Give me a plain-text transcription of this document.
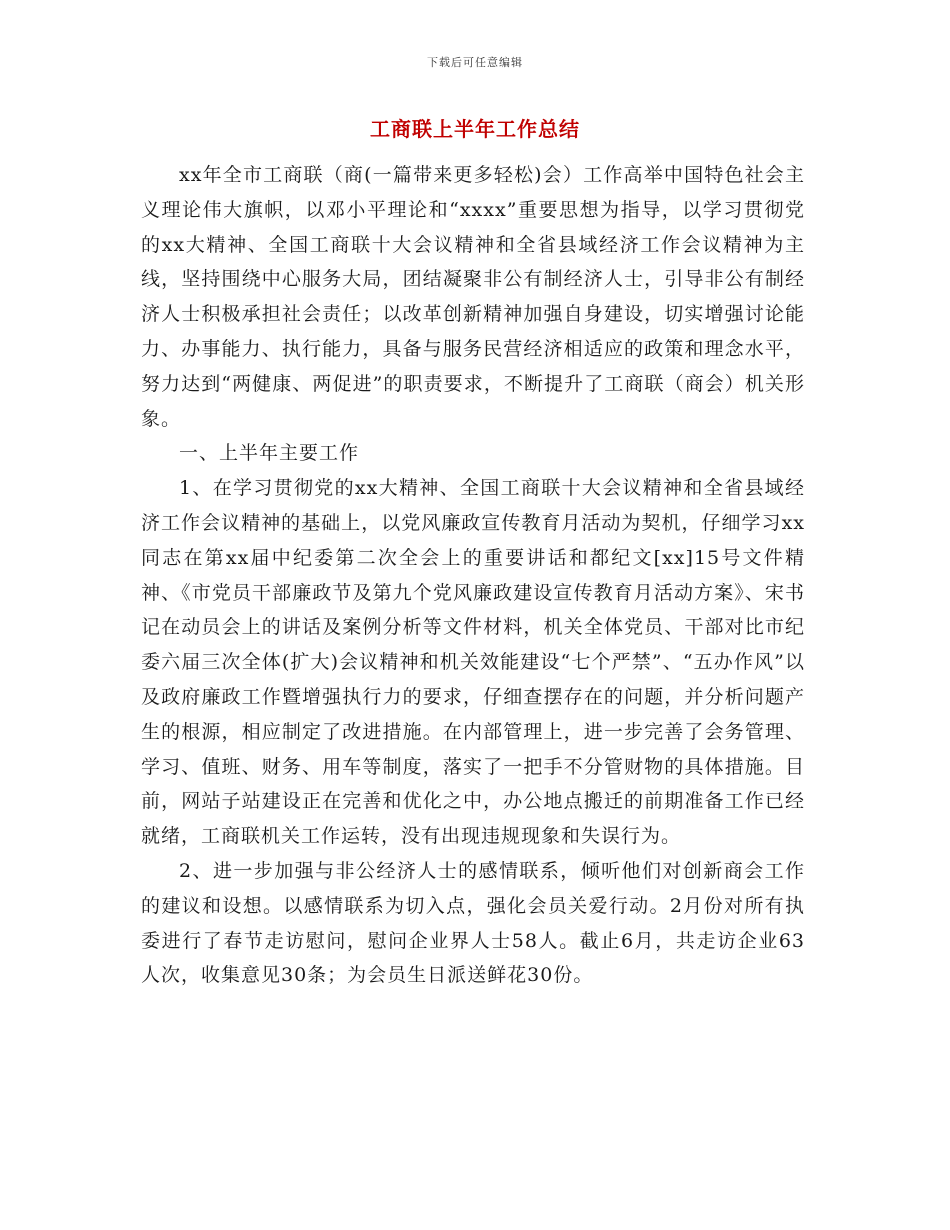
下载后可任意编辑
工商联上半年工作总结

xx年全市工商联（商(一篇带来更多轻松)会）工作高举中国特色社会主义理论伟大旗帜，以邓小平理论和“xxxx”重要思想为指导，以学习贯彻党的xx大精神、全国工商联十大会议精神和全省县域经济工作会议精神为主线，坚持围绕中心服务大局，团结凝聚非公有制经济人士，引导非公有制经济人士积极承担社会责任；以改革创新精神加强自身建设，切实增强讨论能力、办事能力、执行能力，具备与服务民营经济相适应的政策和理念水平，努力达到“两健康、两促进”的职责要求，不断提升了工商联（商会）机关形象。

一、上半年主要工作

1、在学习贯彻党的xx大精神、全国工商联十大会议精神和全省县域经济工作会议精神的基础上，以党风廉政宣传教育月活动为契机，仔细学习xx同志在第xx届中纪委第二次全会上的重要讲话和都纪文[xx]15号文件精神、《市党员干部廉政节及第九个党风廉政建设宣传教育月活动方案》、宋书记在动员会上的讲话及案例分析等文件材料，机关全体党员、干部对比市纪委六届三次全体(扩大)会议精神和机关效能建设“七个严禁”、“五办作风”以及政府廉政工作暨增强执行力的要求，仔细查摆存在的问题，并分析问题产生的根源，相应制定了改进措施。在内部管理上，进一步完善了会务管理、学习、值班、财务、用车等制度，落实了一把手不分管财物的具体措施。目前，网站子站建设正在完善和优化之中，办公地点搬迁的前期准备工作已经就绪，工商联机关工作运转，没有出现违规现象和失误行为。

2、进一步加强与非公经济人士的感情联系，倾听他们对创新商会工作的建议和设想。以感情联系为切入点，强化会员关爱行动。2月份对所有执委进行了春节走访慰问，慰问企业界人士58人。截止6月，共走访企业63人次，收集意见30条；为会员生日派送鲜花30份。
